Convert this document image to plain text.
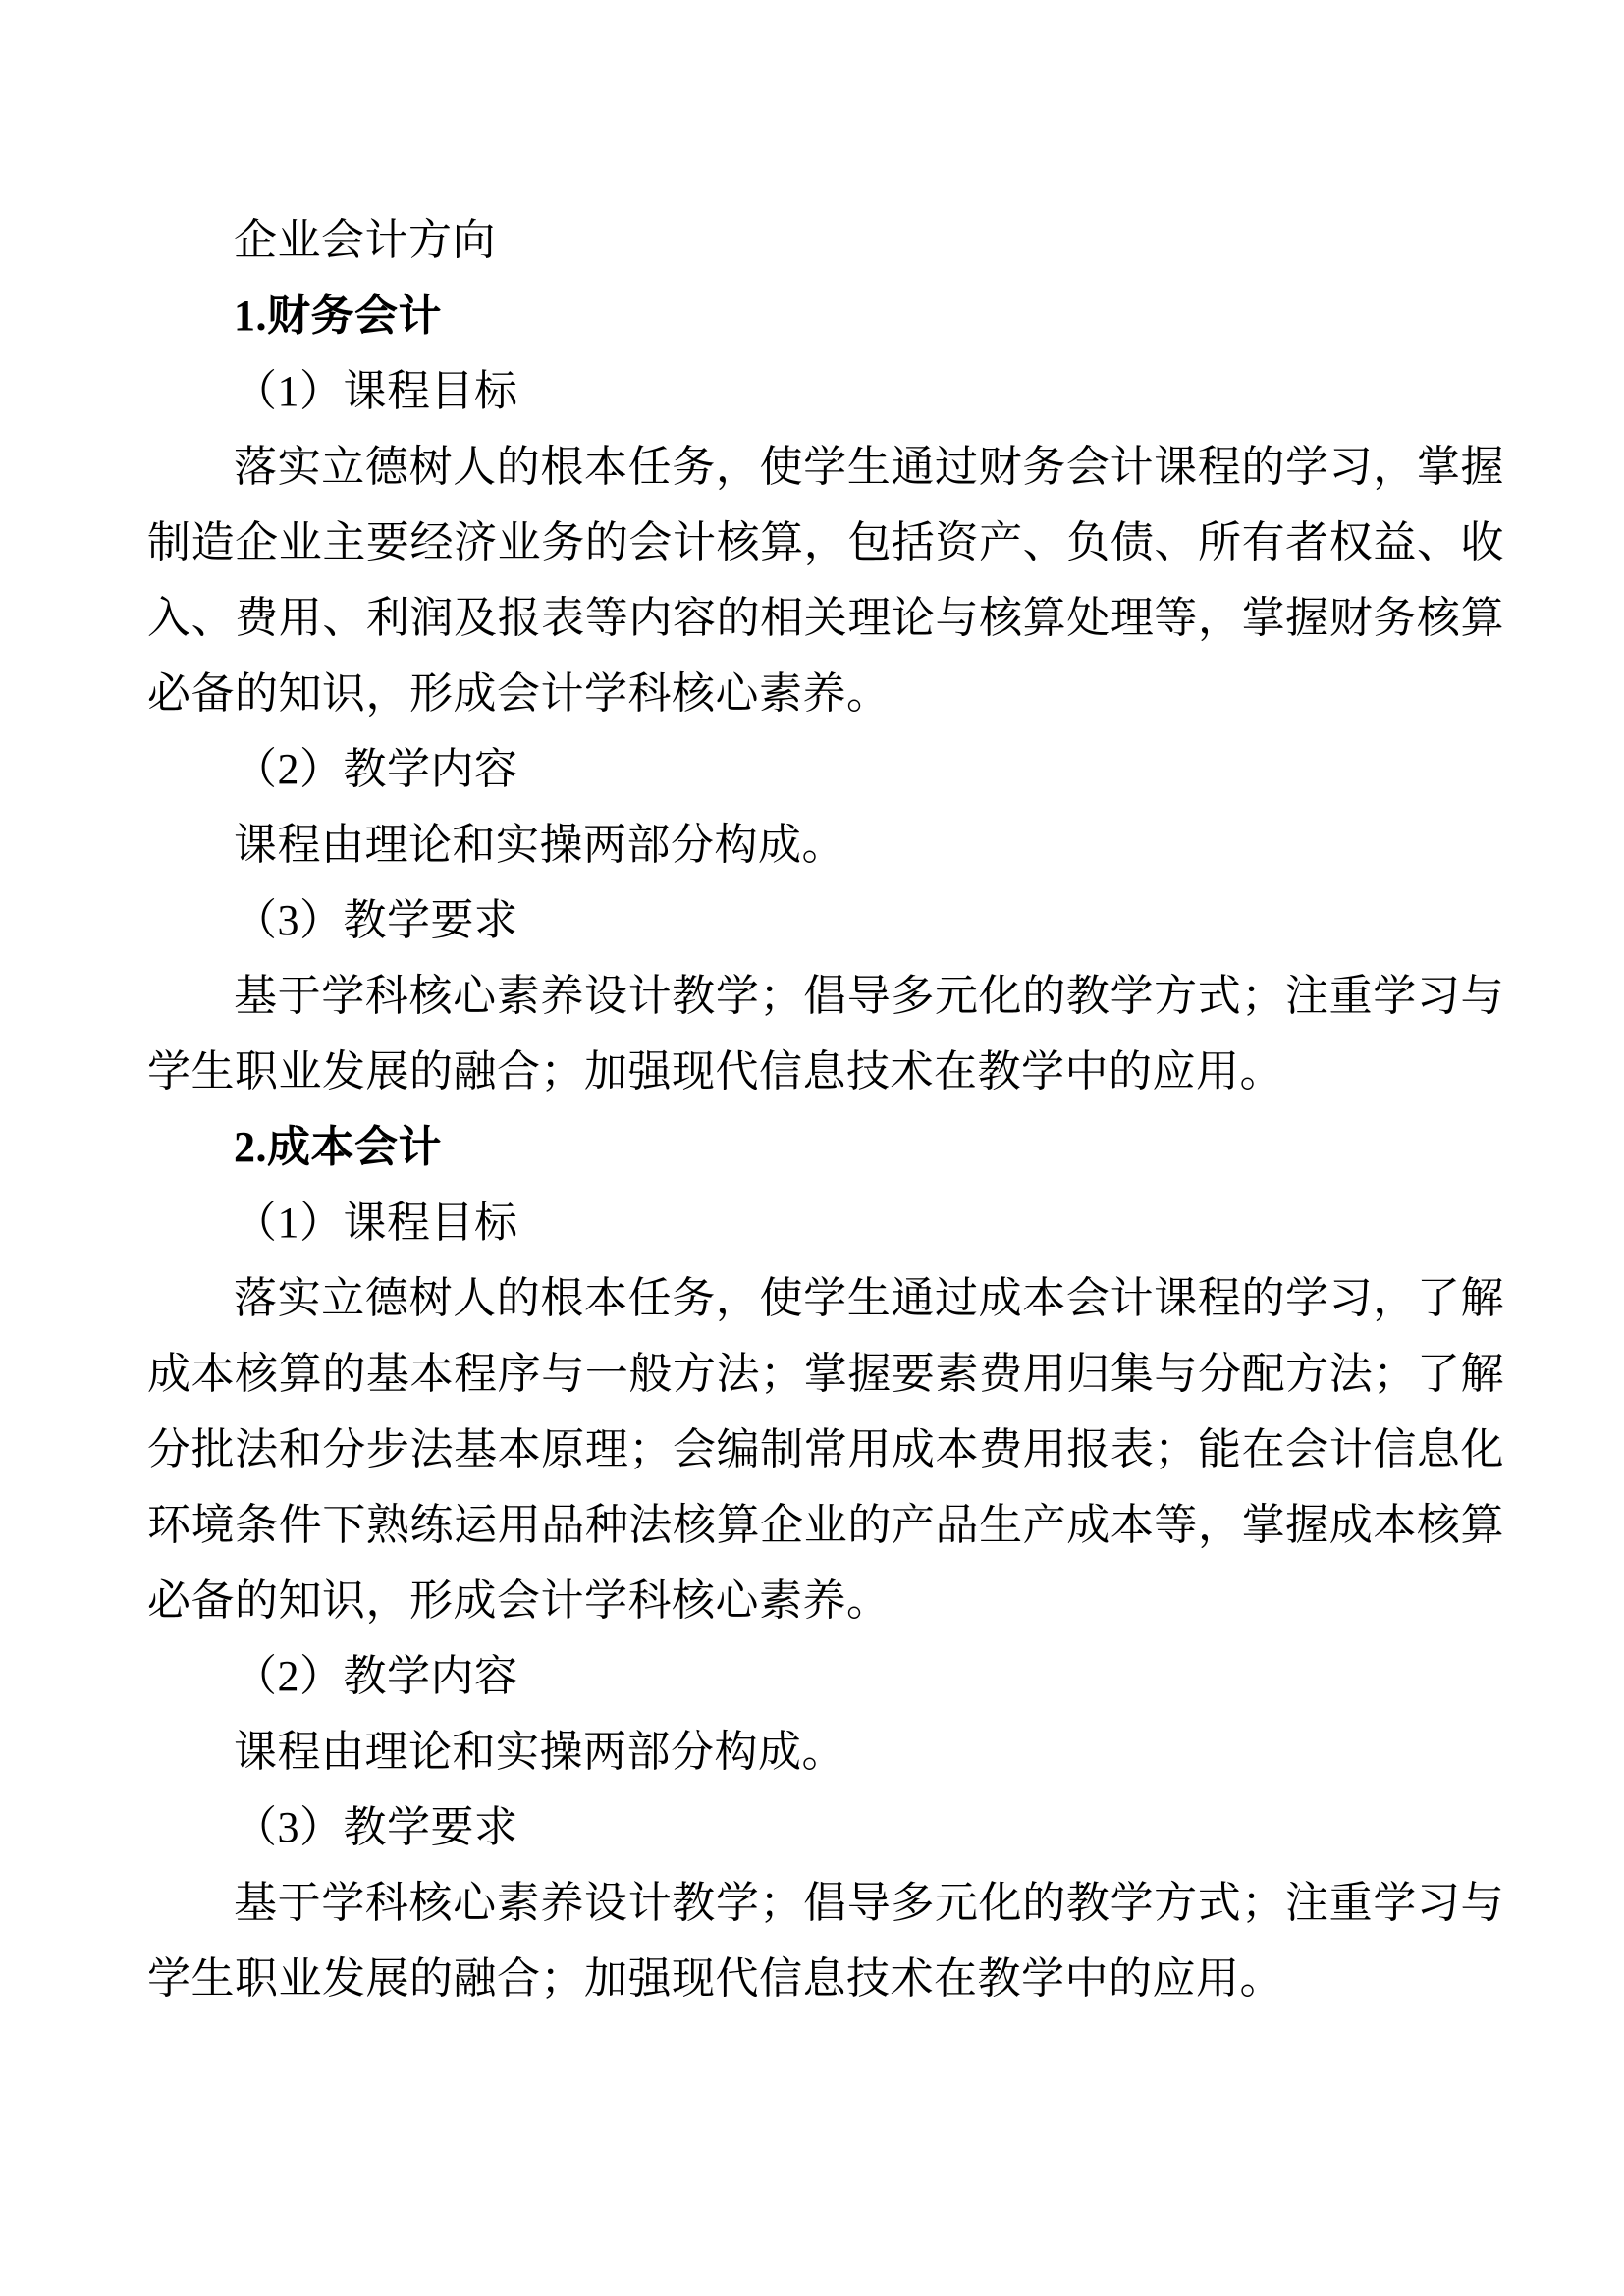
企业会计方向

1.财务会计

（1）课程目标

落实立德树人的根本任务，使学生通过财务会计课程的学习，掌握制造企业主要经济业务的会计核算，包括资产、负债、所有者权益、收入、费用、利润及报表等内容的相关理论与核算处理等，掌握财务核算必备的知识，形成会计学科核心素养。

（2）教学内容

课程由理论和实操两部分构成。

（3）教学要求

基于学科核心素养设计教学；倡导多元化的教学方式；注重学习与学生职业发展的融合；加强现代信息技术在教学中的应用。

2.成本会计

（1）课程目标

落实立德树人的根本任务，使学生通过成本会计课程的学习，了解成本核算的基本程序与一般方法；掌握要素费用归集与分配方法；了解分批法和分步法基本原理；会编制常用成本费用报表；能在会计信息化环境条件下熟练运用品种法核算企业的产品生产成本等，掌握成本核算必备的知识，形成会计学科核心素养。

（2）教学内容

课程由理论和实操两部分构成。

（3）教学要求

基于学科核心素养设计教学；倡导多元化的教学方式；注重学习与学生职业发展的融合；加强现代信息技术在教学中的应用。
